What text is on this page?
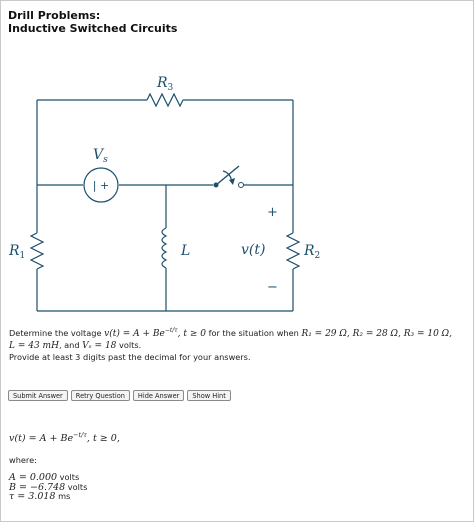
Drill Problems:
Inductive Switched Circuits
| +
$R_3$
$V_s$
$R_1$	L	v(t)	$R_2$
+
−
Determine the voltage $v(t) = A + Be^{-t/\tau}$, t ≥ 0 for the situation when R₁ = 29 Ω, R₂ = 28 Ω, R₃ = 10 Ω,
L = 43 mH, and Vₛ = 18 volts.
Provide at least 3 digits past the decimal for your answers.
Submit Answer	Retry Question	Hide Answer	Show Hint
$v(t) = A + Be^{-t/\tau}$, t ≥ 0,
where:
A = 0.000 volts
B = −6.748 volts
τ = 3.018 ms
